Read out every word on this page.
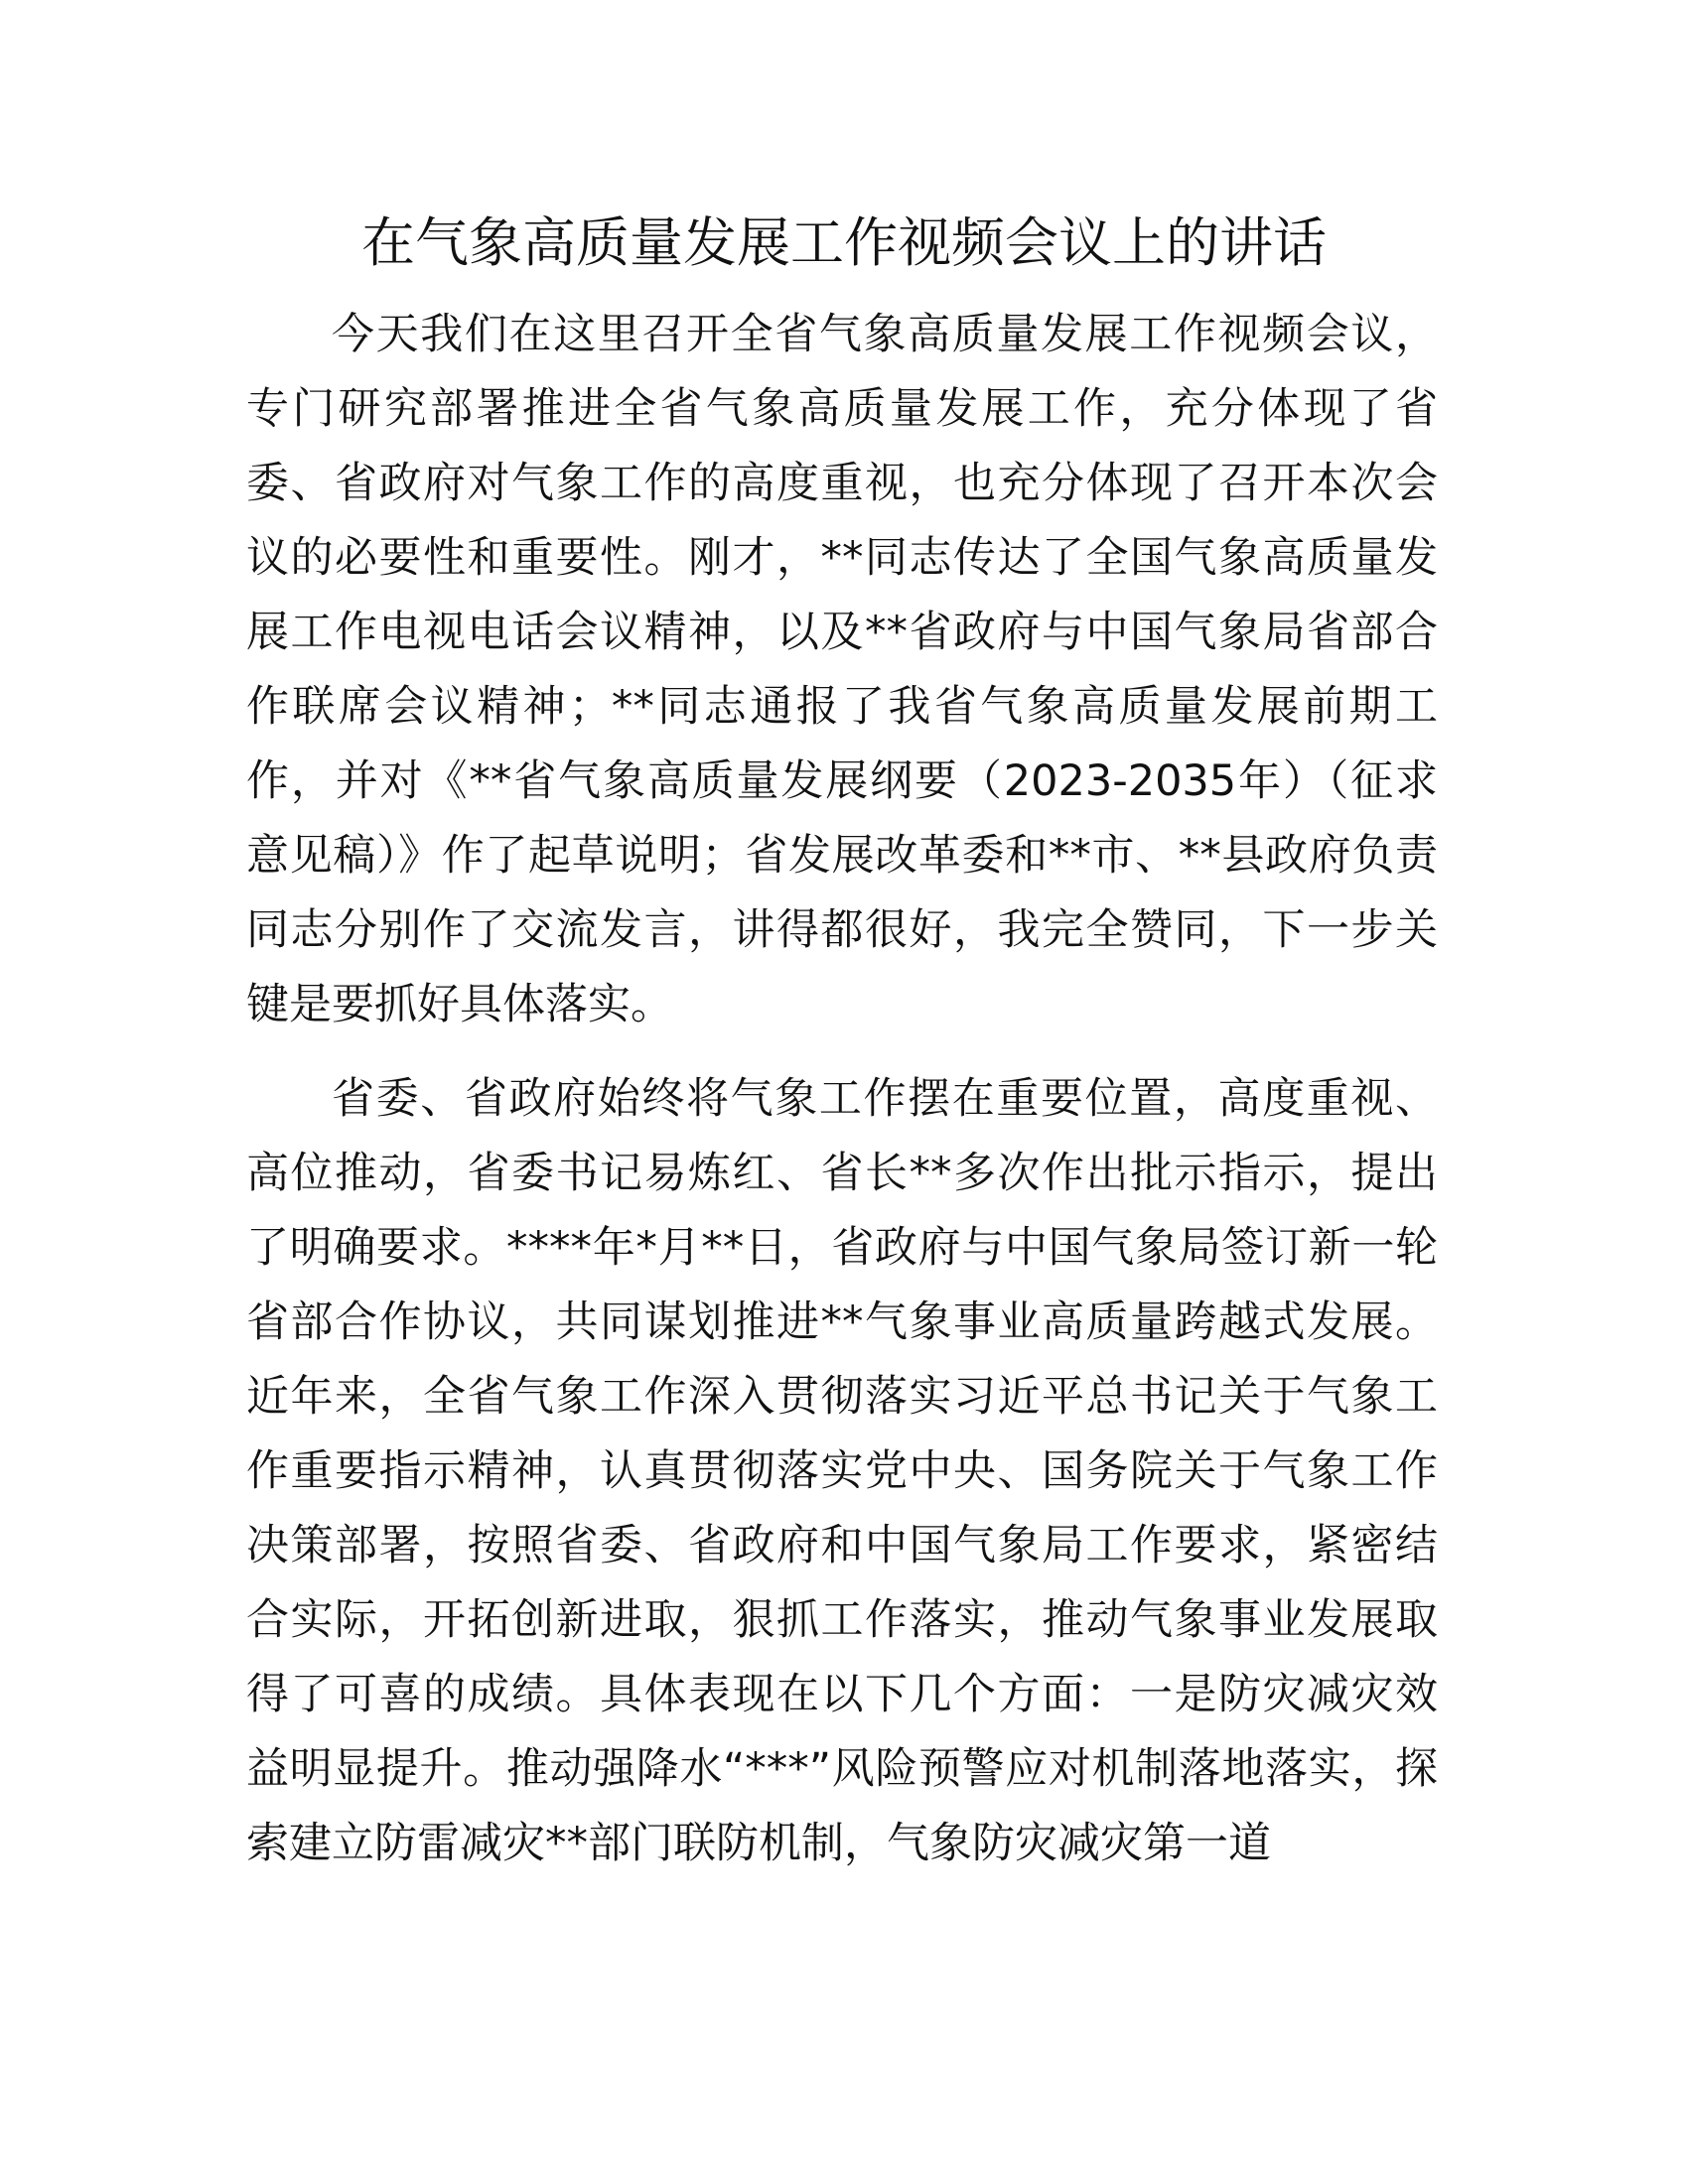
在气象高质量发展工作视频会议上的讲话

今天我们在这里召开全省气象高质量发展工作视频会议，专门研究部署推进全省气象高质量发展工作，充分体现了省委、省政府对气象工作的高度重视，也充分体现了召开本次会议的必要性和重要性。刚才，**同志传达了全国气象高质量发展工作电视电话会议精神，以及**省政府与中国气象局省部合作联席会议精神；**同志通报了我省气象高质量发展前期工作，并对《**省气象高质量发展纲要（2023-2035年）（征求意见稿）》作了起草说明；省发展改革委和**市、**县政府负责同志分别作了交流发言，讲得都很好，我完全赞同，下一步关键是要抓好具体落实。

省委、省政府始终将气象工作摆在重要位置，高度重视、高位推动，省委书记易炼红、省长**多次作出批示指示，提出了明确要求。****年*月**日，省政府与中国气象局签订新一轮省部合作协议，共同谋划推进**气象事业高质量跨越式发展。近年来，全省气象工作深入贯彻落实习近平总书记关于气象工作重要指示精神，认真贯彻落实党中央、国务院关于气象工作决策部署，按照省委、省政府和中国气象局工作要求，紧密结合实际，开拓创新进取，狠抓工作落实，推动气象事业发展取得了可喜的成绩。具体表现在以下几个方面：一是防灾减灾效益明显提升。推动强降水“***”风险预警应对机制落地落实，探索建立防雷减灾**部门联防机制，气象防灾减灾第一道
